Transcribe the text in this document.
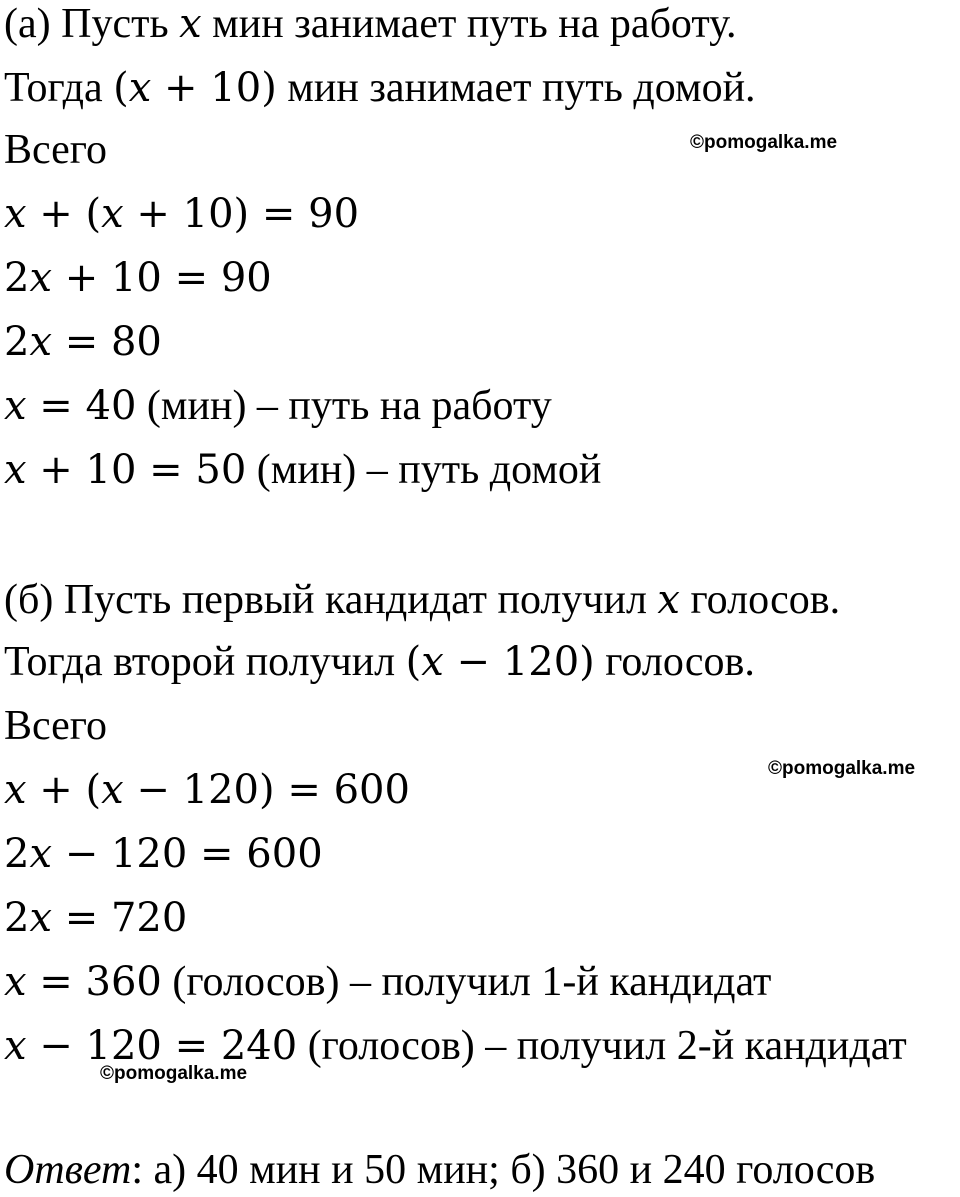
(а) Пусть x мин занимает путь на работу.
Тогда (x + 10) мин занимает путь домой.
Всего	©pomogalka.me
x + (x + 10) = 90
2x + 10 = 90
2x = 80
x = 40 (мин) – путь на работу
x + 10 = 50 (мин) – путь домой
(б) Пусть первый кандидат получил x голосов.
Тогда второй получил (x − 120) голосов.
Всего
©pomogalka.me
x + (x − 120) = 600
2x − 120 = 600
2x = 720
x = 360 (голосов) – получил 1-й кандидат
x − 120 = 240 (голосов) – получил 2-й кандидат
©pomogalka.me
Ответ: а) 40 мин и 50 мин; б) 360 и 240 голосов
